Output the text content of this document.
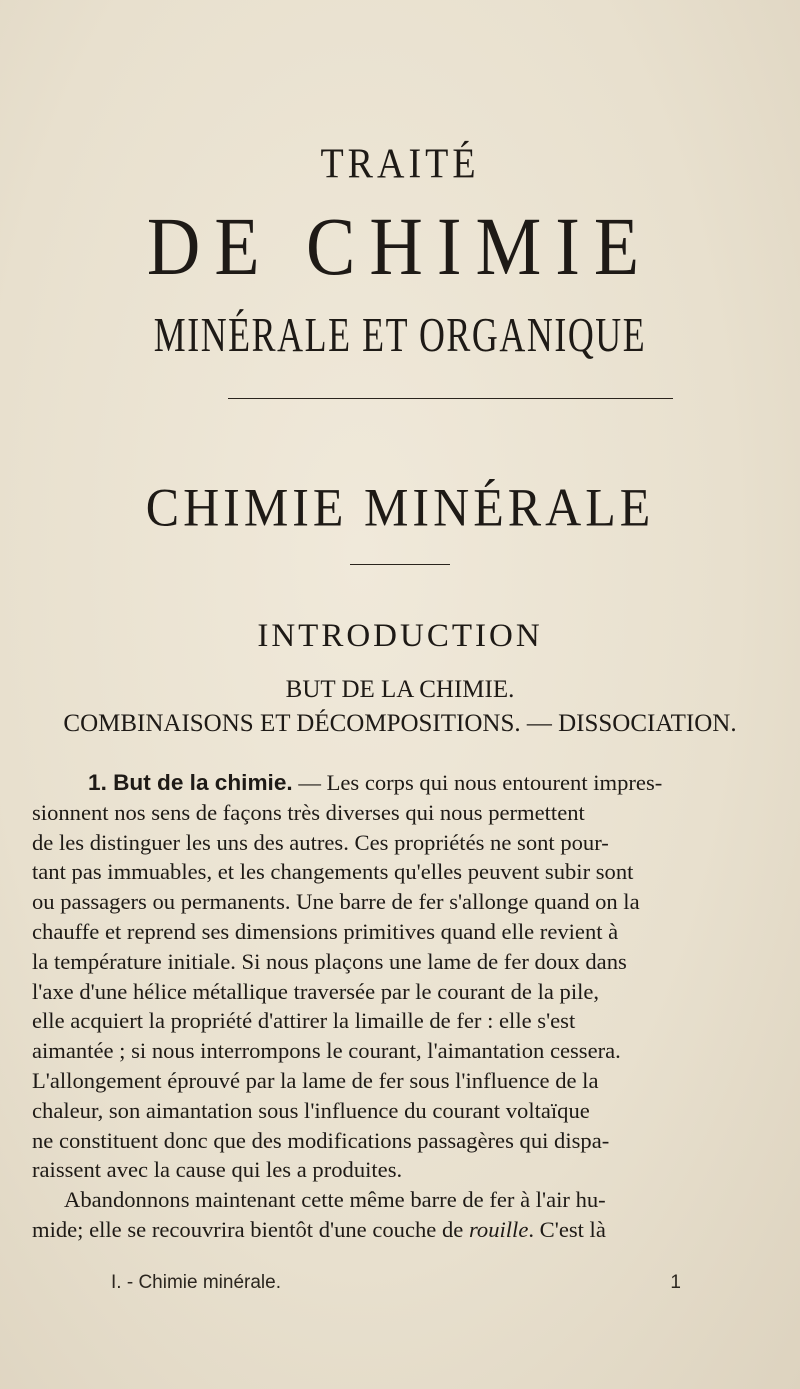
TRAITÉ
DE CHIMIE
MINÉRALE ET ORGANIQUE
CHIMIE MINÉRALE
INTRODUCTION
BUT DE LA CHIMIE.
COMBINAISONS ET DÉCOMPOSITIONS. — DISSOCIATION.
1. But de la chimie. — Les corps qui nous entourent impres-
sionnent nos sens de façons très diverses qui nous permettent
de les distinguer les uns des autres. Ces propriétés ne sont pour-
tant pas immuables, et les changements qu'elles peuvent subir sont
ou passagers ou permanents. Une barre de fer s'allonge quand on la
chauffe et reprend ses dimensions primitives quand elle revient à
la température initiale. Si nous plaçons une lame de fer doux dans
l'axe d'une hélice métallique traversée par le courant de la pile,
elle acquiert la propriété d'attirer la limaille de fer : elle s'est
aimantée ; si nous interrompons le courant, l'aimantation cessera.
L'allongement éprouvé par la lame de fer sous l'influence de la
chaleur, son aimantation sous l'influence du courant voltaïque
ne constituent donc que des modifications passagères qui dispa-
raissent avec la cause qui les a produites.
Abandonnons maintenant cette même barre de fer à l'air hu-
mide; elle se recouvrira bientôt d'une couche de rouille. C'est là
I. - Chimie minérale.	1
